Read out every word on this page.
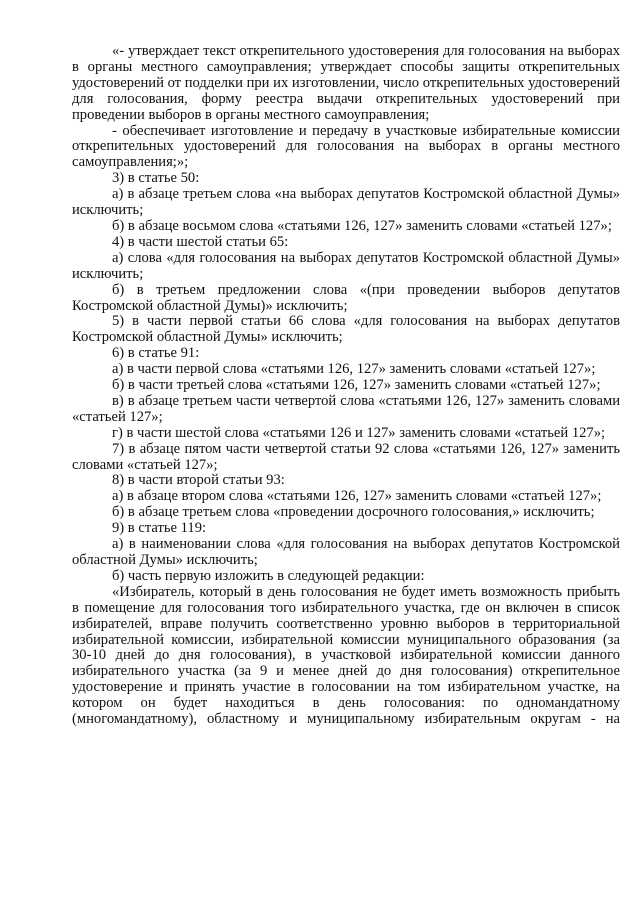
«- утверждает текст открепительного удостоверения для голосования на выборах в органы местного самоуправления; утверждает способы защиты открепительных удостоверений от подделки при их изготовлении, число открепительных удостоверений для голосования, форму реестра выдачи открепительных удостоверений при проведении выборов в органы местного самоуправления;

- обеспечивает изготовление и передачу в участковые избирательные комиссии открепительных удостоверений для голосования на выборах в органы местного самоуправления;»;

3) в статье 50:

а) в абзаце третьем слова «на выборах депутатов Костромской областной Думы» исключить;

б) в абзаце восьмом слова «статьями 126, 127» заменить словами «статьей 127»;

4) в части шестой статьи 65:

а) слова «для голосования на выборах депутатов Костромской областной Думы» исключить;

б) в третьем предложении слова «(при проведении выборов депутатов Костромской областной Думы)» исключить;

5) в части первой статьи 66 слова «для голосования на выборах депутатов Костромской областной Думы» исключить;

6) в статье 91:

а) в части первой слова «статьями 126, 127» заменить словами «статьей 127»;

б) в части третьей слова «статьями 126, 127» заменить словами «статьей 127»;

в) в абзаце третьем части четвертой слова «статьями 126, 127» заменить словами «статьей 127»;

г) в части шестой слова «статьями 126 и 127» заменить словами «статьей 127»;

7) в абзаце пятом части четвертой статьи 92 слова «статьями 126, 127» заменить словами «статьей 127»;

8) в части второй статьи 93:

а) в абзаце втором слова «статьями 126, 127» заменить словами «статьей 127»;

б) в абзаце третьем слова «проведении досрочного голосования,» исключить;

9) в статье 119:

а) в наименовании слова «для голосования на выборах депутатов Костромской областной Думы» исключить;

б) часть первую изложить в следующей редакции:

«Избиратель, который в день голосования не будет иметь возможность прибыть в помещение для голосования того избирательного участка, где он включен в список избирателей, вправе получить соответственно уровню выборов в территориальной избирательной комиссии, избирательной комиссии муниципального образования (за 30-10 дней до дня голосования), в участковой избирательной комиссии данного избирательного участка (за 9 и менее дней до дня голосования) открепительное удостоверение и принять участие в голосовании на том избирательном участке, на котором он будет находиться в день голосования: по одномандатному (многомандатному), областному и муниципальному избирательным округам - на
